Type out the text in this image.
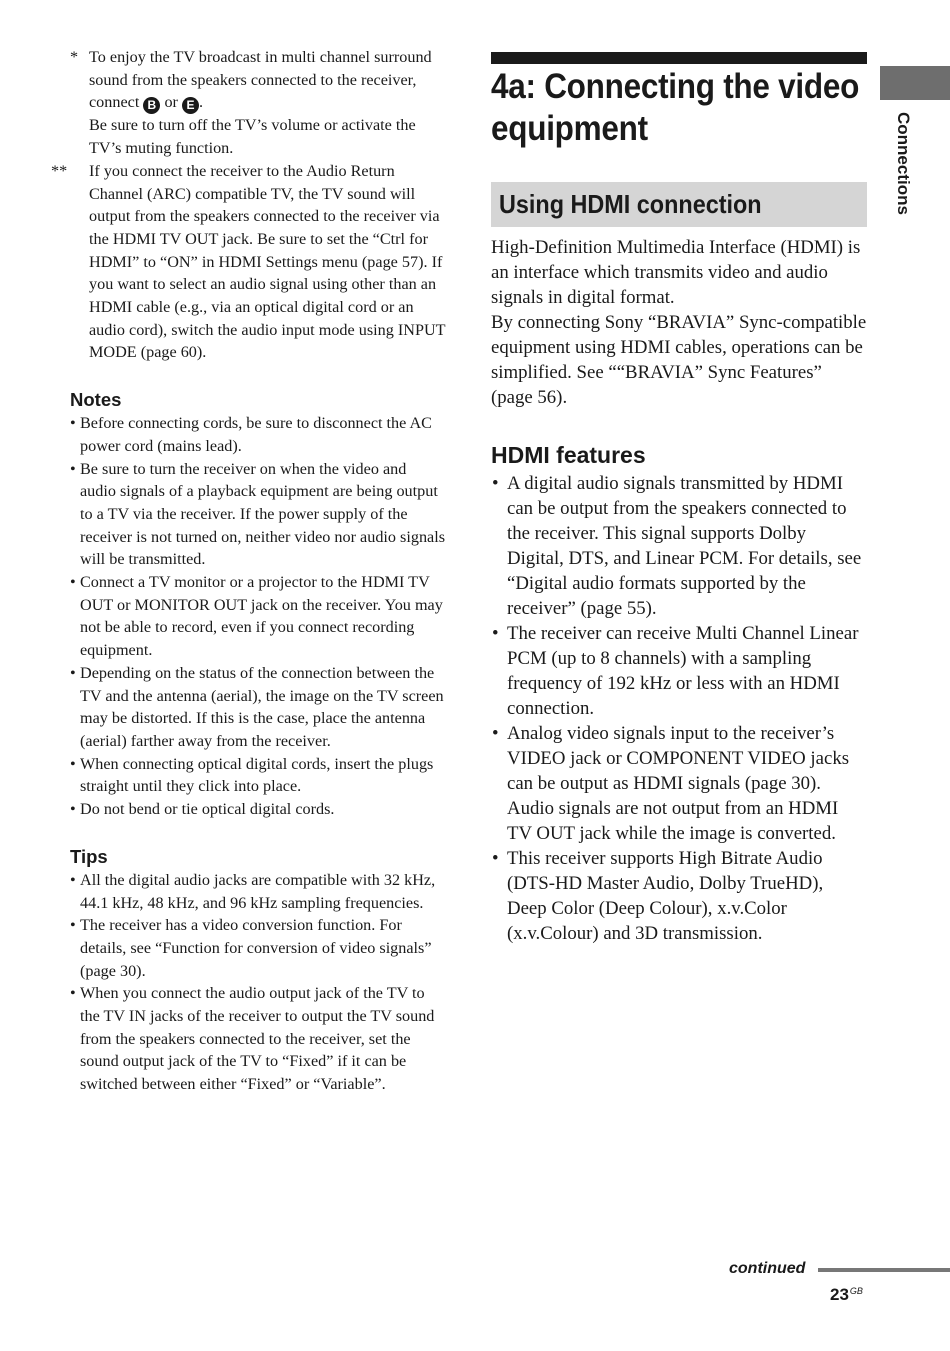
* To enjoy the TV broadcast in multi channel surround sound from the speakers connected to the receiver, connect B or E .

Be sure to turn off the TV’s volume or activate the TV’s muting function.

** If you connect the receiver to the Audio Return Channel (ARC) compatible TV, the TV sound will output from the speakers connected to the receiver via the HDMI TV OUT jack. Be sure to set the “Ctrl for HDMI” to “ON” in HDMI Settings menu (page 57). If you want to select an audio signal using other than an HDMI cable (e.g., via an optical digital cord or an audio cord), switch the audio input mode using INPUT MODE (page 60).

Notes
• Before connecting cords, be sure to disconnect the AC power cord (mains lead).
• Be sure to turn the receiver on when the video and audio signals of a playback equipment are being output to a TV via the receiver. If the power supply of the receiver is not turned on, neither video nor audio signals will be transmitted.
• Connect a TV monitor or a projector to the HDMI TV OUT or MONITOR OUT jack on the receiver. You may not be able to record, even if you connect recording equipment.
• Depending on the status of the connection between the TV and the antenna (aerial), the image on the TV screen may be distorted. If this is the case, place the antenna (aerial) farther away from the receiver.
• When connecting optical digital cords, insert the plugs straight until they click into place.
• Do not bend or tie optical digital cords.
Tips
• All the digital audio jacks are compatible with 32 kHz, 44.1 kHz, 48 kHz, and 96 kHz sampling frequencies.
• The receiver has a video conversion function. For details, see “Function for conversion of video signals” (page 30).
• When you connect the audio output jack of the TV to the TV IN jacks of the receiver to output the TV sound from the speakers connected to the receiver, set the sound output jack of the TV to “Fixed” if it can be switched between either “Fixed” or “Variable”.
4a: Connecting the video
equipment
Using HDMI connection

High-Definition Multimedia Interface (HDMI) is an interface which transmits video and audio signals in digital format.

By connecting Sony “BRAVIA” Sync-compatible equipment using HDMI cables, operations can be simplified. See ““BRAVIA” Sync Features” (page 56).

HDMI features
• A digital audio signals transmitted by HDMI can be output from the speakers connected to the receiver. This signal supports Dolby Digital, DTS, and Linear PCM. For details, see “Digital audio formats supported by the receiver” (page 55).
• The receiver can receive Multi Channel Linear PCM (up to 8 channels) with a sampling frequency of 192 kHz or less with an HDMI connection.
• Analog video signals input to the receiver’s VIDEO jack or COMPONENT VIDEO jacks can be output as HDMI signals (page 30). Audio signals are not output from an HDMI TV OUT jack while the image is converted.
• This receiver supports High Bitrate Audio (DTS-HD Master Audio, Dolby TrueHD), Deep Color (Deep Colour), x.v.Color (x.v.Colour) and 3D transmission.
Connections
continued
$23^{GB}$
